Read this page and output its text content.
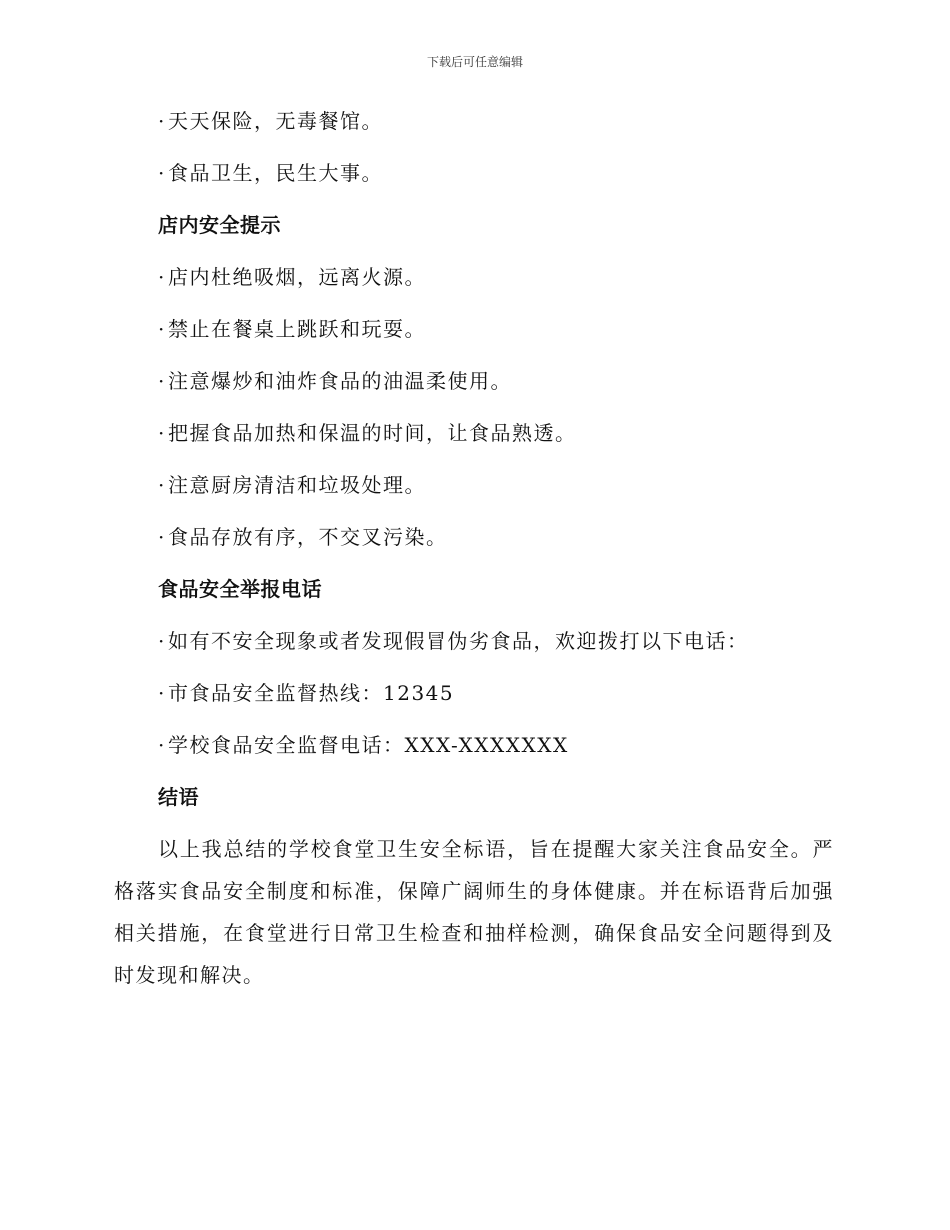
下载后可任意编辑
· 天天保险，无毒餐馆。
· 食品卫生，民生大事。
店内安全提示
· 店内杜绝吸烟，远离火源。
· 禁止在餐桌上跳跃和玩耍。
· 注意爆炒和油炸食品的油温柔使用。
· 把握食品加热和保温的时间，让食品熟透。
· 注意厨房清洁和垃圾处理。
· 食品存放有序，不交叉污染。
食品安全举报电话
· 如有不安全现象或者发现假冒伪劣食品，欢迎拨打以下电话：
· 市食品安全监督热线：12345
· 学校食品安全监督电话：XXX-XXXXXXX
结语
以上我总结的学校食堂卫生安全标语，旨在提醒大家关注食品安全。严格落实食品安全制度和标准，保障广阔师生的身体健康。并在标语背后加强相关措施，在食堂进行日常卫生检查和抽样检测，确保食品安全问题得到及时发现和解决。
